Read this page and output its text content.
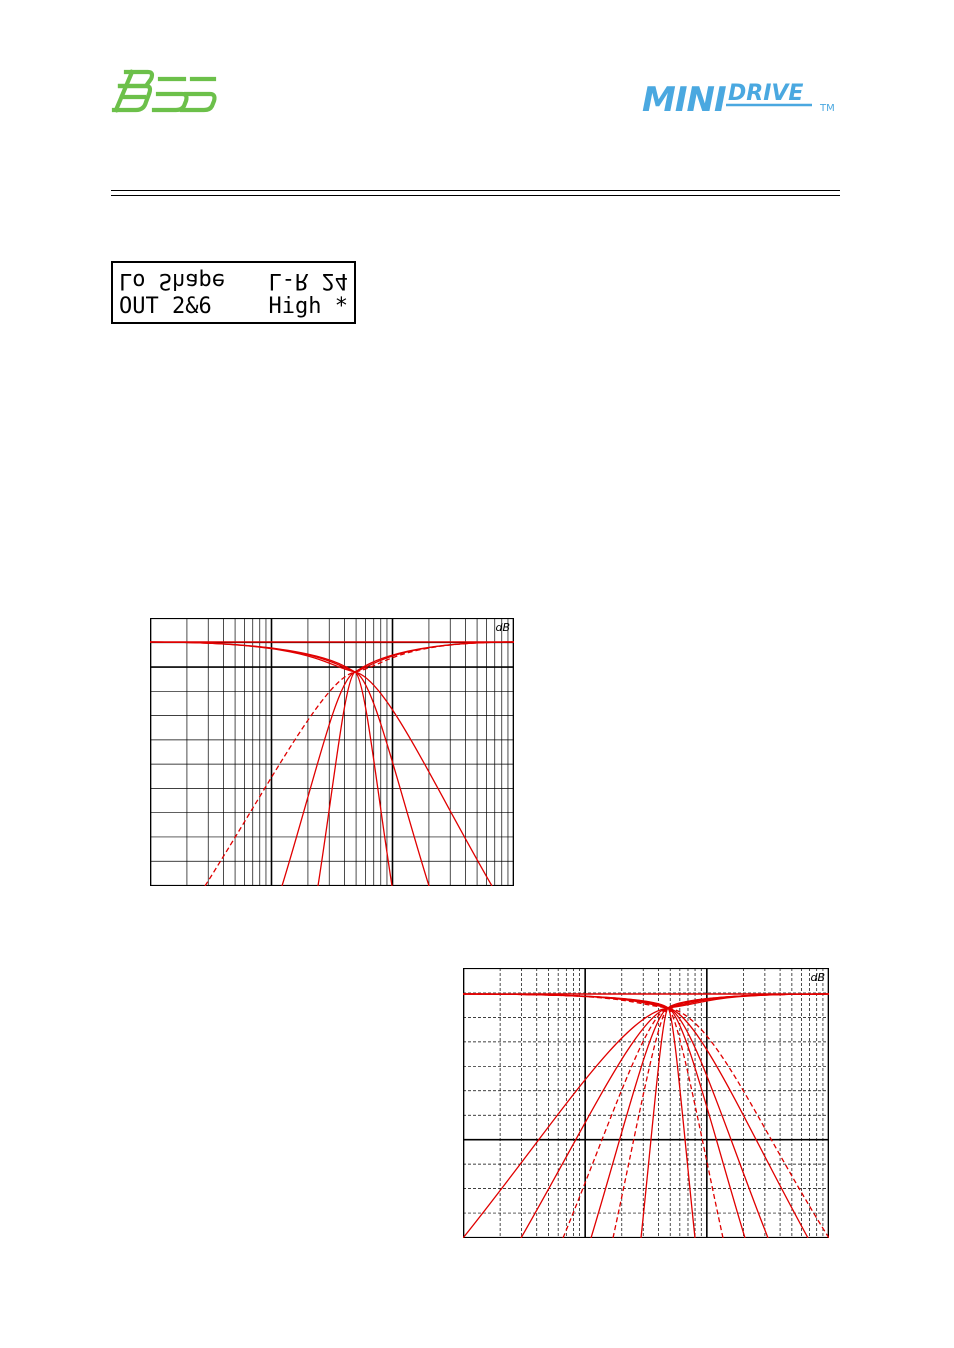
MINI DRIVE
TM

Lo Shape

L-R 24

OUT 2&6

	High *

dB
dB
